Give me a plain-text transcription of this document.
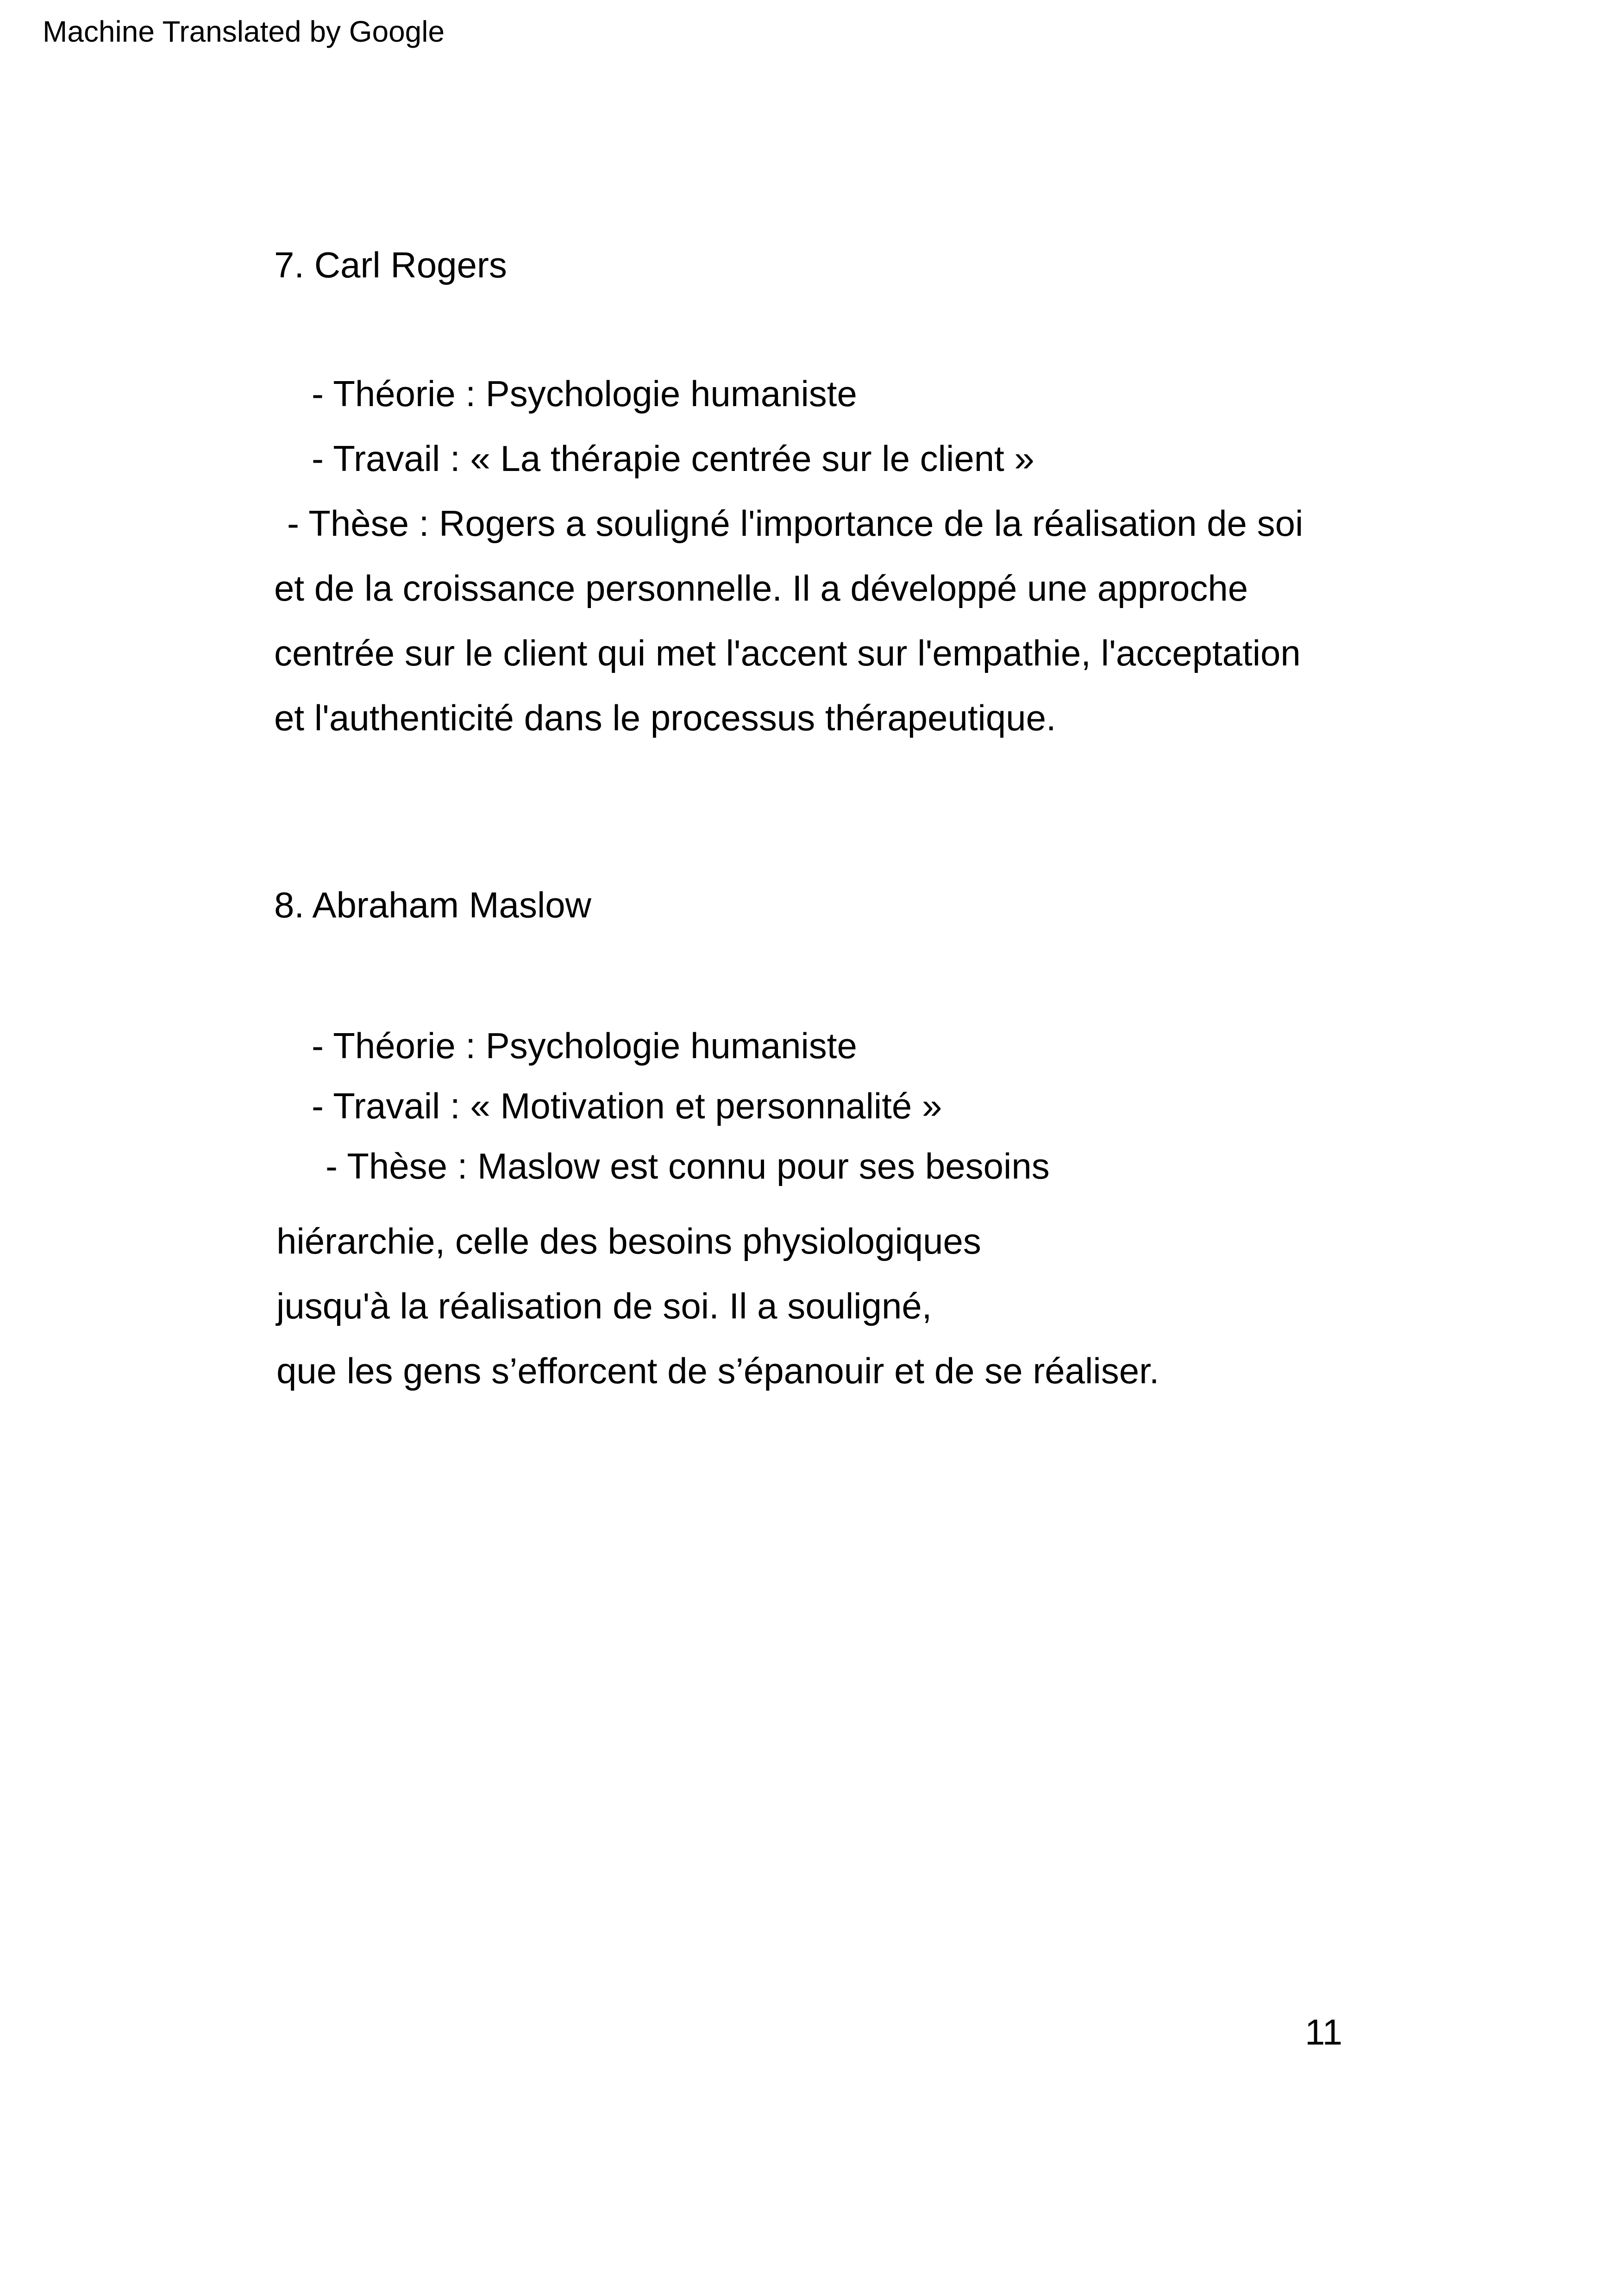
Machine Translated by Google
7. Carl Rogers
- Théorie : Psychologie humaniste
- Travail : « La thérapie centrée sur le client »
- Thèse : Rogers a souligné l'importance de la réalisation de soi
et de la croissance personnelle. Il a développé une approche
centrée sur le client qui met l'accent sur l'empathie, l'acceptation
et l'authenticité dans le processus thérapeutique.
8. Abraham Maslow
- Théorie : Psychologie humaniste
- Travail : « Motivation et personnalité »
- Thèse : Maslow est connu pour ses besoins
hiérarchie, celle des besoins physiologiques
jusqu'à la réalisation de soi. Il a souligné,
que les gens s’efforcent de s’épanouir et de se réaliser.
11
